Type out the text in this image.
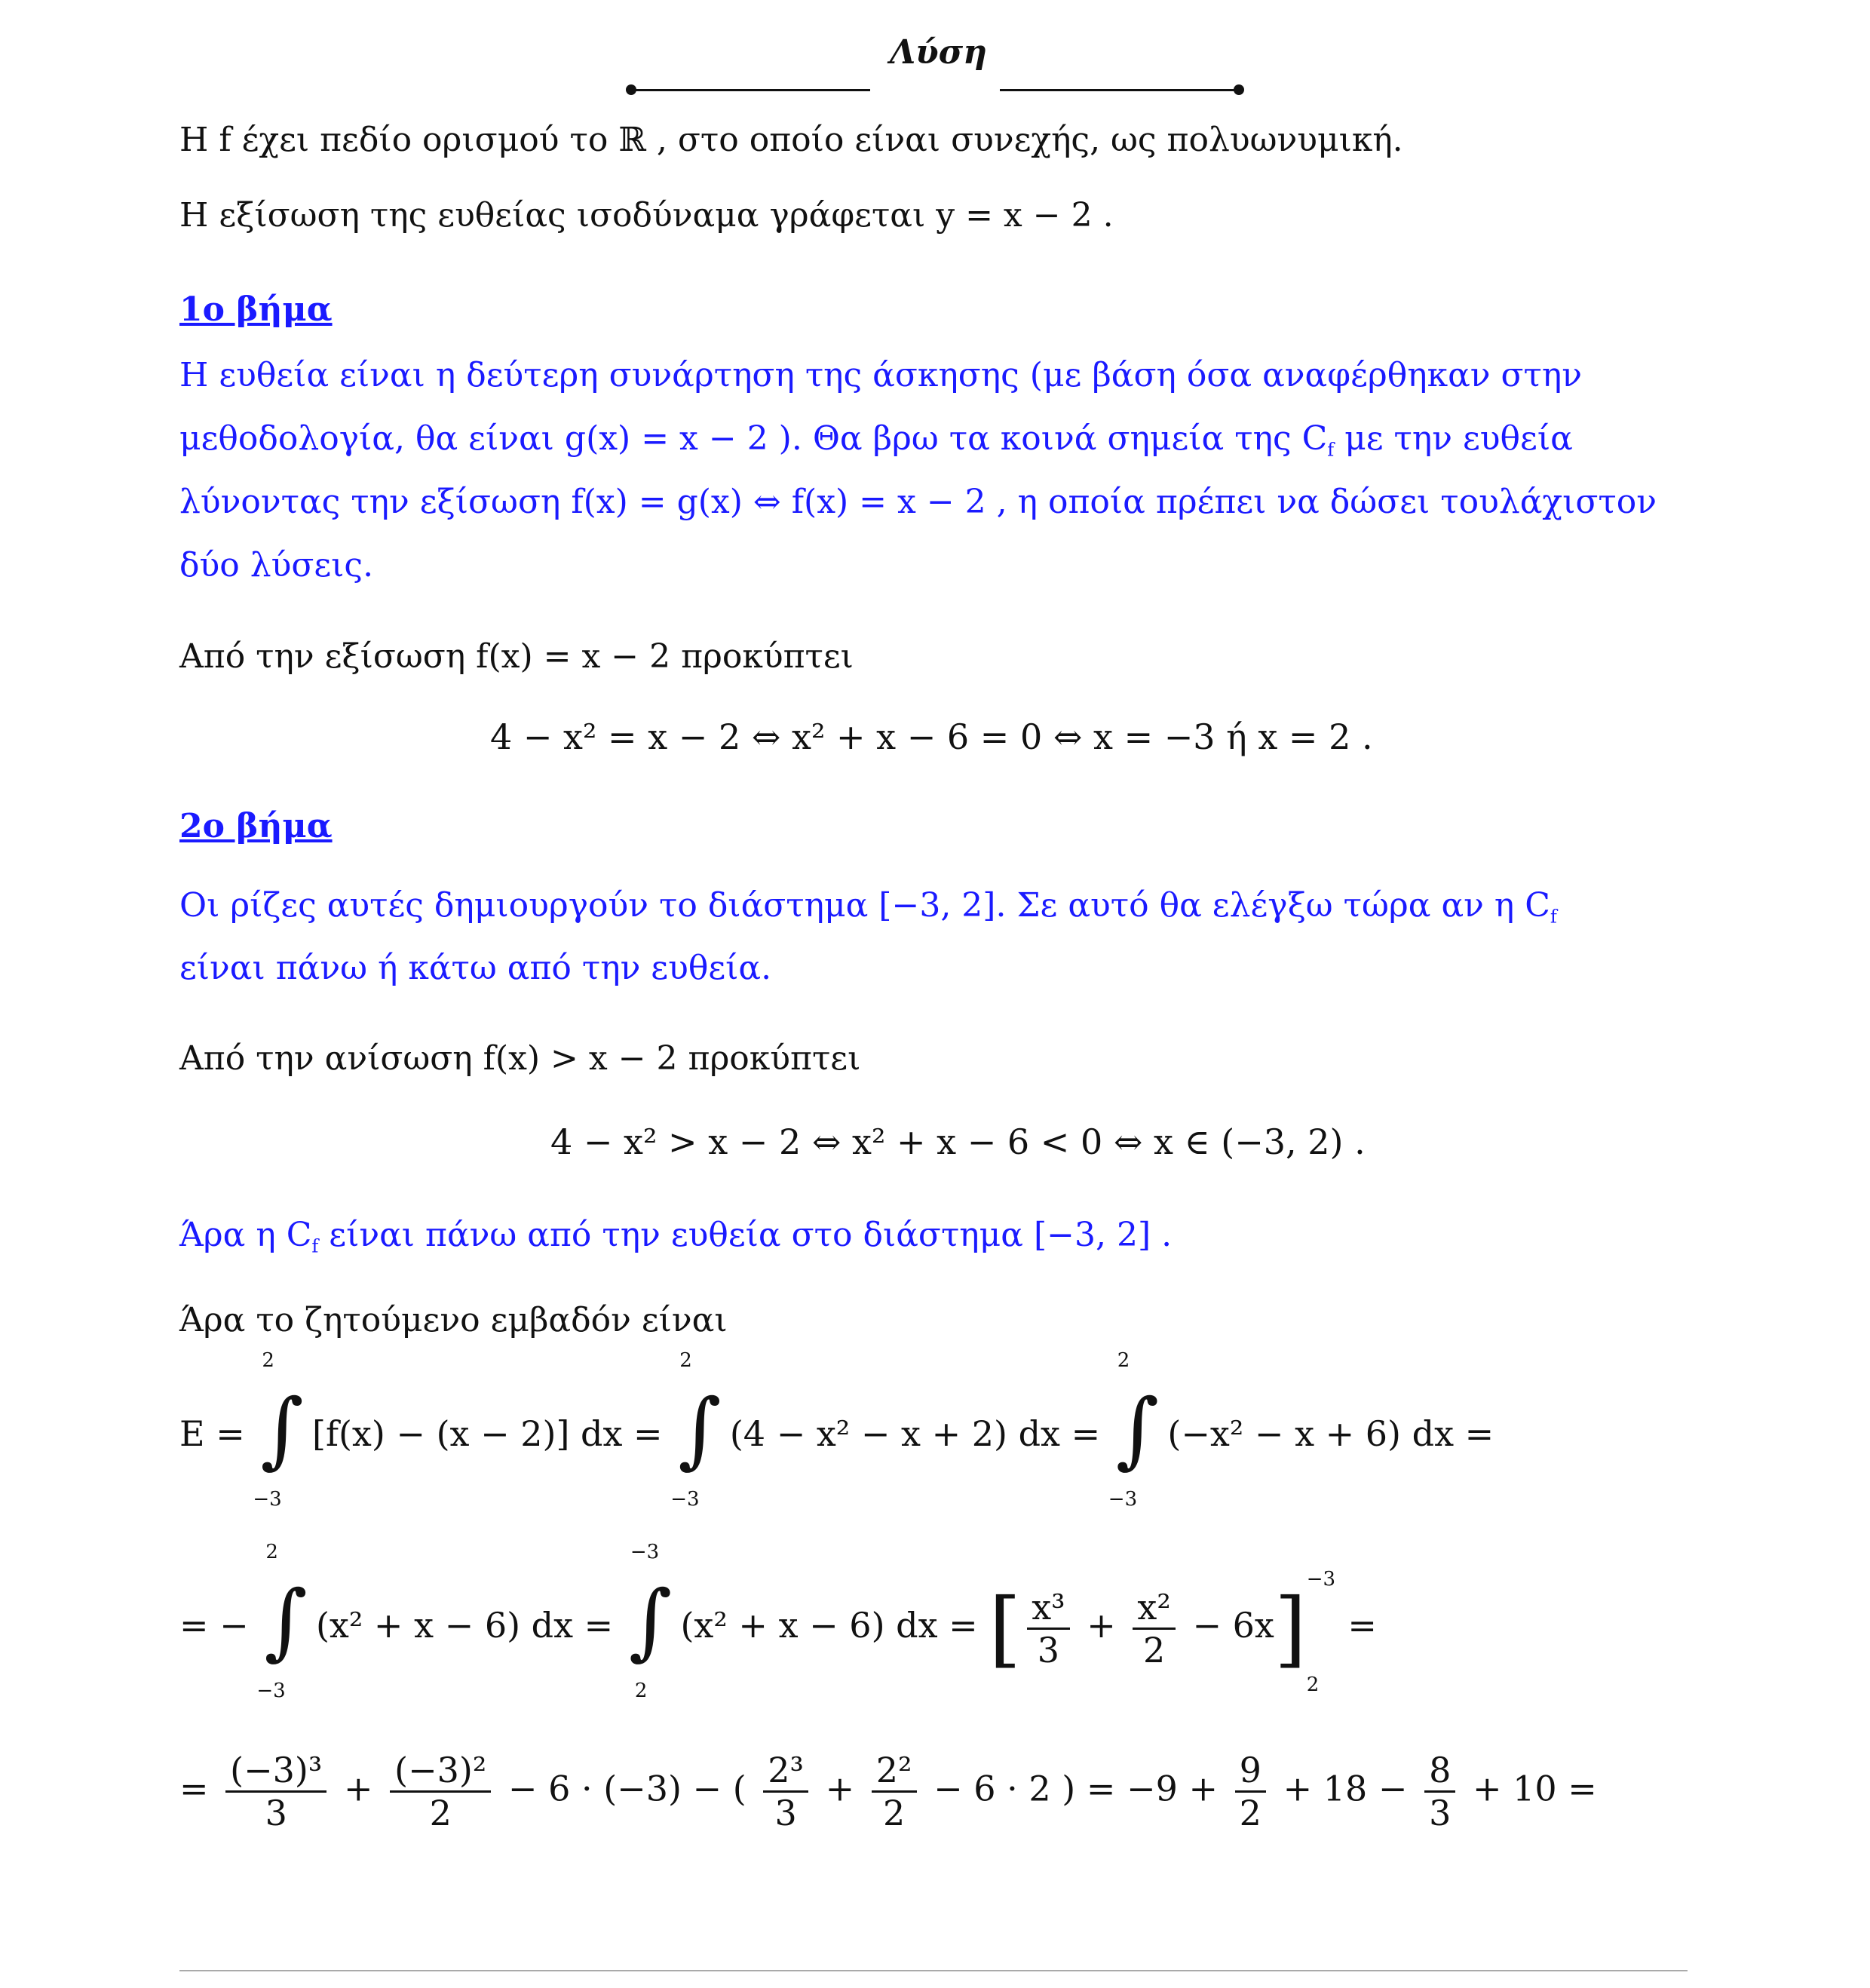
Λύση
Η f έχει πεδίο ορισμού το ℝ , στο οποίο είναι συνεχής, ως πολυωνυμική.
Η εξίσωση της ευθείας ισοδύναμα γράφεται y = x − 2 .
1ο βήμα
Η ευθεία είναι η δεύτερη συνάρτηση της άσκησης (με βάση όσα αναφέρθηκαν στην
μεθοδολογία, θα είναι g(x) = x − 2 ). Θα βρω τα κοινά σημεία της $C_f$ με την ευθεία
λύνοντας την εξίσωση f(x) = g(x) ⇔ f(x) = x − 2 , η οποία πρέπει να δώσει τουλάχιστον
δύο λύσεις.
Από την εξίσωση f(x) = x − 2 προκύπτει
4 − x² = x − 2 ⇔ x² + x − 6 = 0 ⇔ x = −3 ή x = 2 .
2ο βήμα
Οι ρίζες αυτές δημιουργούν το διάστημα [−3, 2]. Σε αυτό θα ελέγξω τώρα αν η $C_f$
είναι πάνω ή κάτω από την ευθεία.
Από την ανίσωση f(x) > x − 2 προκύπτει
4 − x² > x − 2 ⇔ x² + x − 6 < 0 ⇔ x ∈ (−3, 2) .
Άρα η $C_f$ είναι πάνω από την ευθεία στο διάστημα [−3, 2] .
Άρα το ζητούμενο εμβαδόν είναι
E =
2
∫
−3
[f(x) − (x − 2)] dx =
2
∫
−3
(4 − x² − x + 2) dx =
2
∫
−3
(−x² − x + 6) dx =
= −
2
∫
−3
(x² + x − 6) dx =
−3
∫
2
(x² + x − 6) dx = [ $\frac{\text{x³}}{3} + \frac{\text{x²}}{2} - 6x$]
−3
2
=
= $\frac{\text{(−3)³}}{3} + \frac{\text{(−3)²}}{2} - 6 \cdot (-3)$ − ( $\frac{\text{2³}}{3} + \frac{\text{2²}}{2} - 6 \cdot 2$ ) = $-9 + \frac{9}{2} + 18 - \frac{8}{3} + 10$ =
